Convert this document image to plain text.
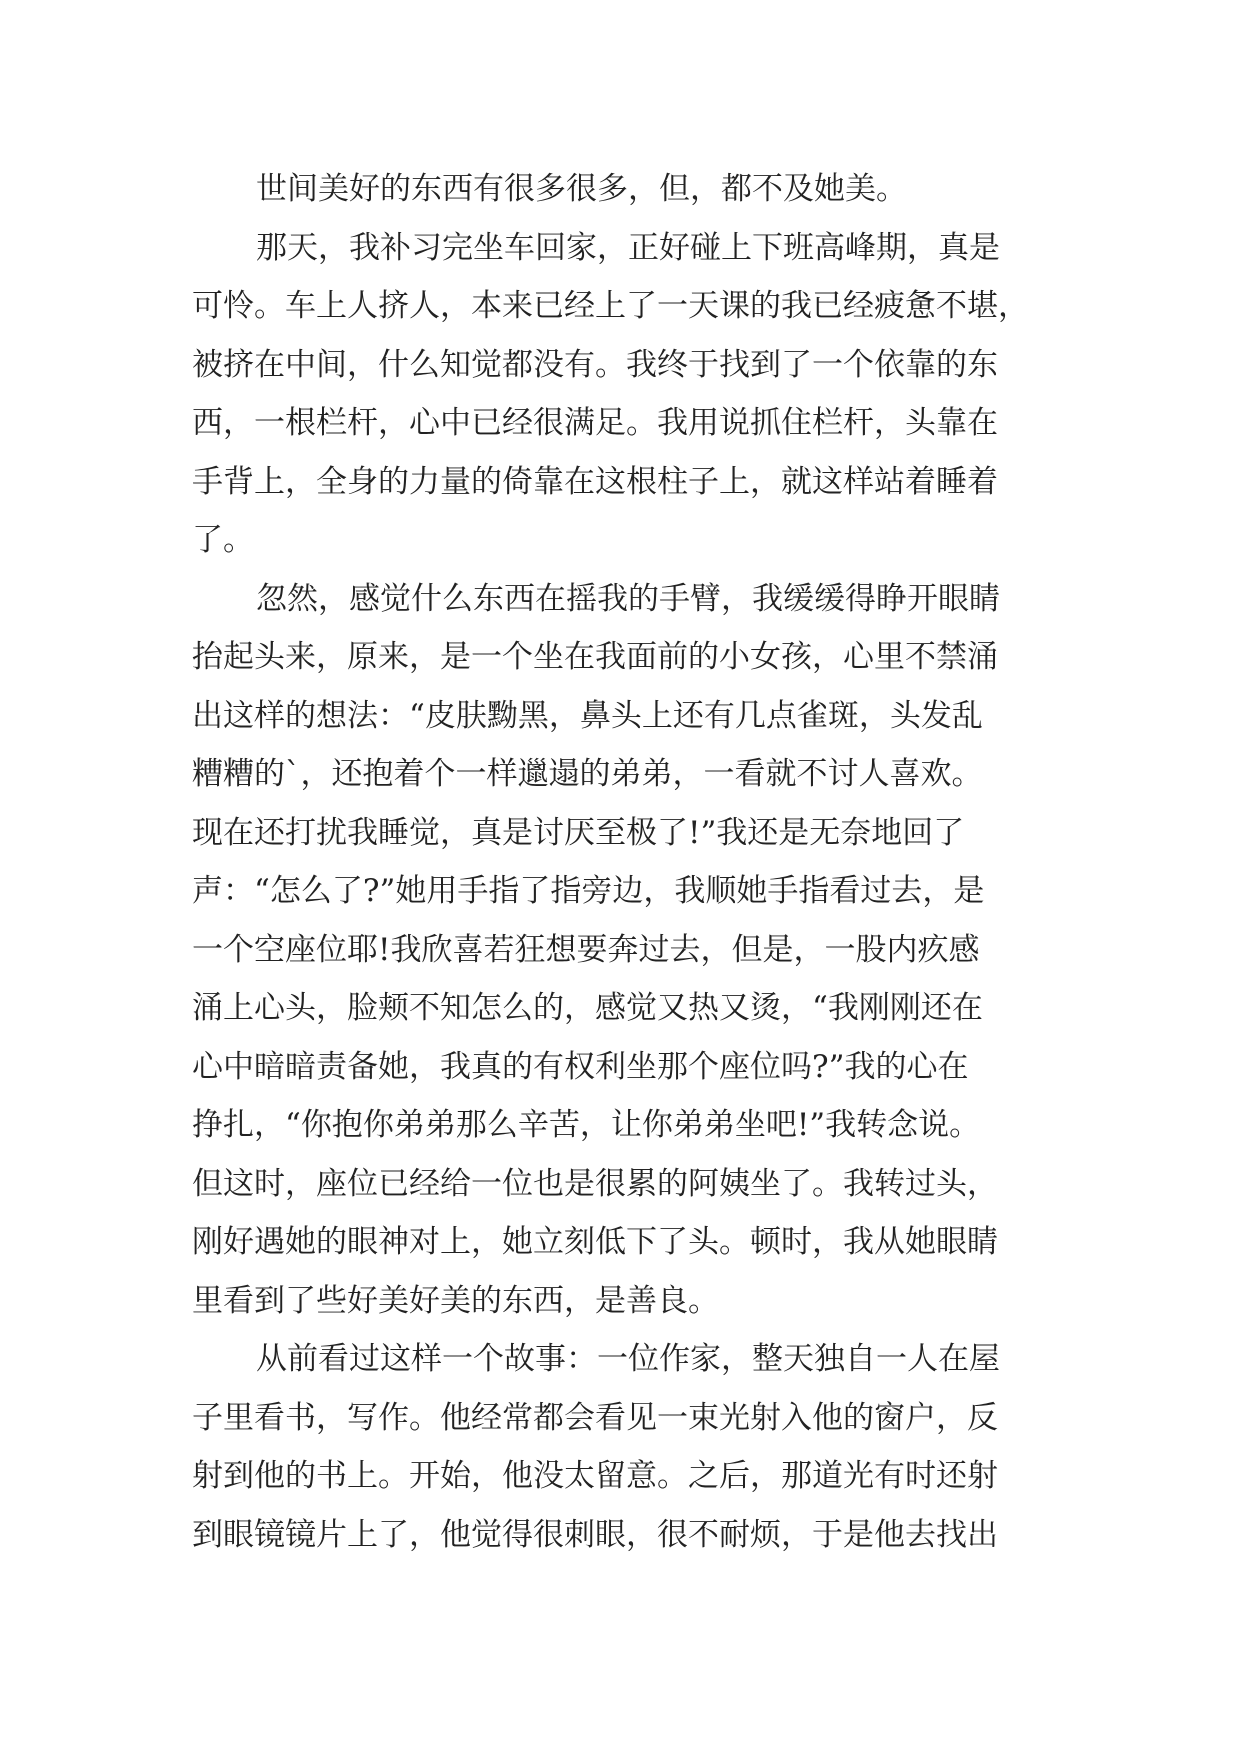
世间美好的东西有很多很多，但，都不及她美。
那天，我补习完坐车回家，正好碰上下班高峰期，真是
可怜。车上人挤人，本来已经上了一天课的我已经疲惫不堪，
被挤在中间，什么知觉都没有。我终于找到了一个依靠的东
西，一根栏杆，心中已经很满足。我用说抓住栏杆，头靠在
手背上，全身的力量的倚靠在这根柱子上，就这样站着睡着
了。
忽然，感觉什么东西在摇我的手臂，我缓缓得睁开眼睛
抬起头来，原来，是一个坐在我面前的小女孩，心里不禁涌
出这样的想法：“皮肤黝黑，鼻头上还有几点雀斑，头发乱
糟糟的`，还抱着个一样邋遢的弟弟，一看就不讨人喜欢。
现在还打扰我睡觉，真是讨厌至极了!”我还是无奈地回了
声：“怎么了?”她用手指了指旁边，我顺她手指看过去，是
一个空座位耶!我欣喜若狂想要奔过去，但是，一股内疚感
涌上心头，脸颊不知怎么的，感觉又热又烫，“我刚刚还在
心中暗暗责备她，我真的有权利坐那个座位吗?”我的心在
挣扎，“你抱你弟弟那么辛苦，让你弟弟坐吧!”我转念说。
但这时，座位已经给一位也是很累的阿姨坐了。我转过头，
刚好遇她的眼神对上，她立刻低下了头。顿时，我从她眼睛
里看到了些好美好美的东西，是善良。
从前看过这样一个故事：一位作家，整天独自一人在屋
子里看书，写作。他经常都会看见一束光射入他的窗户，反
射到他的书上。开始，他没太留意。之后，那道光有时还射
到眼镜镜片上了，他觉得很刺眼，很不耐烦，于是他去找出
